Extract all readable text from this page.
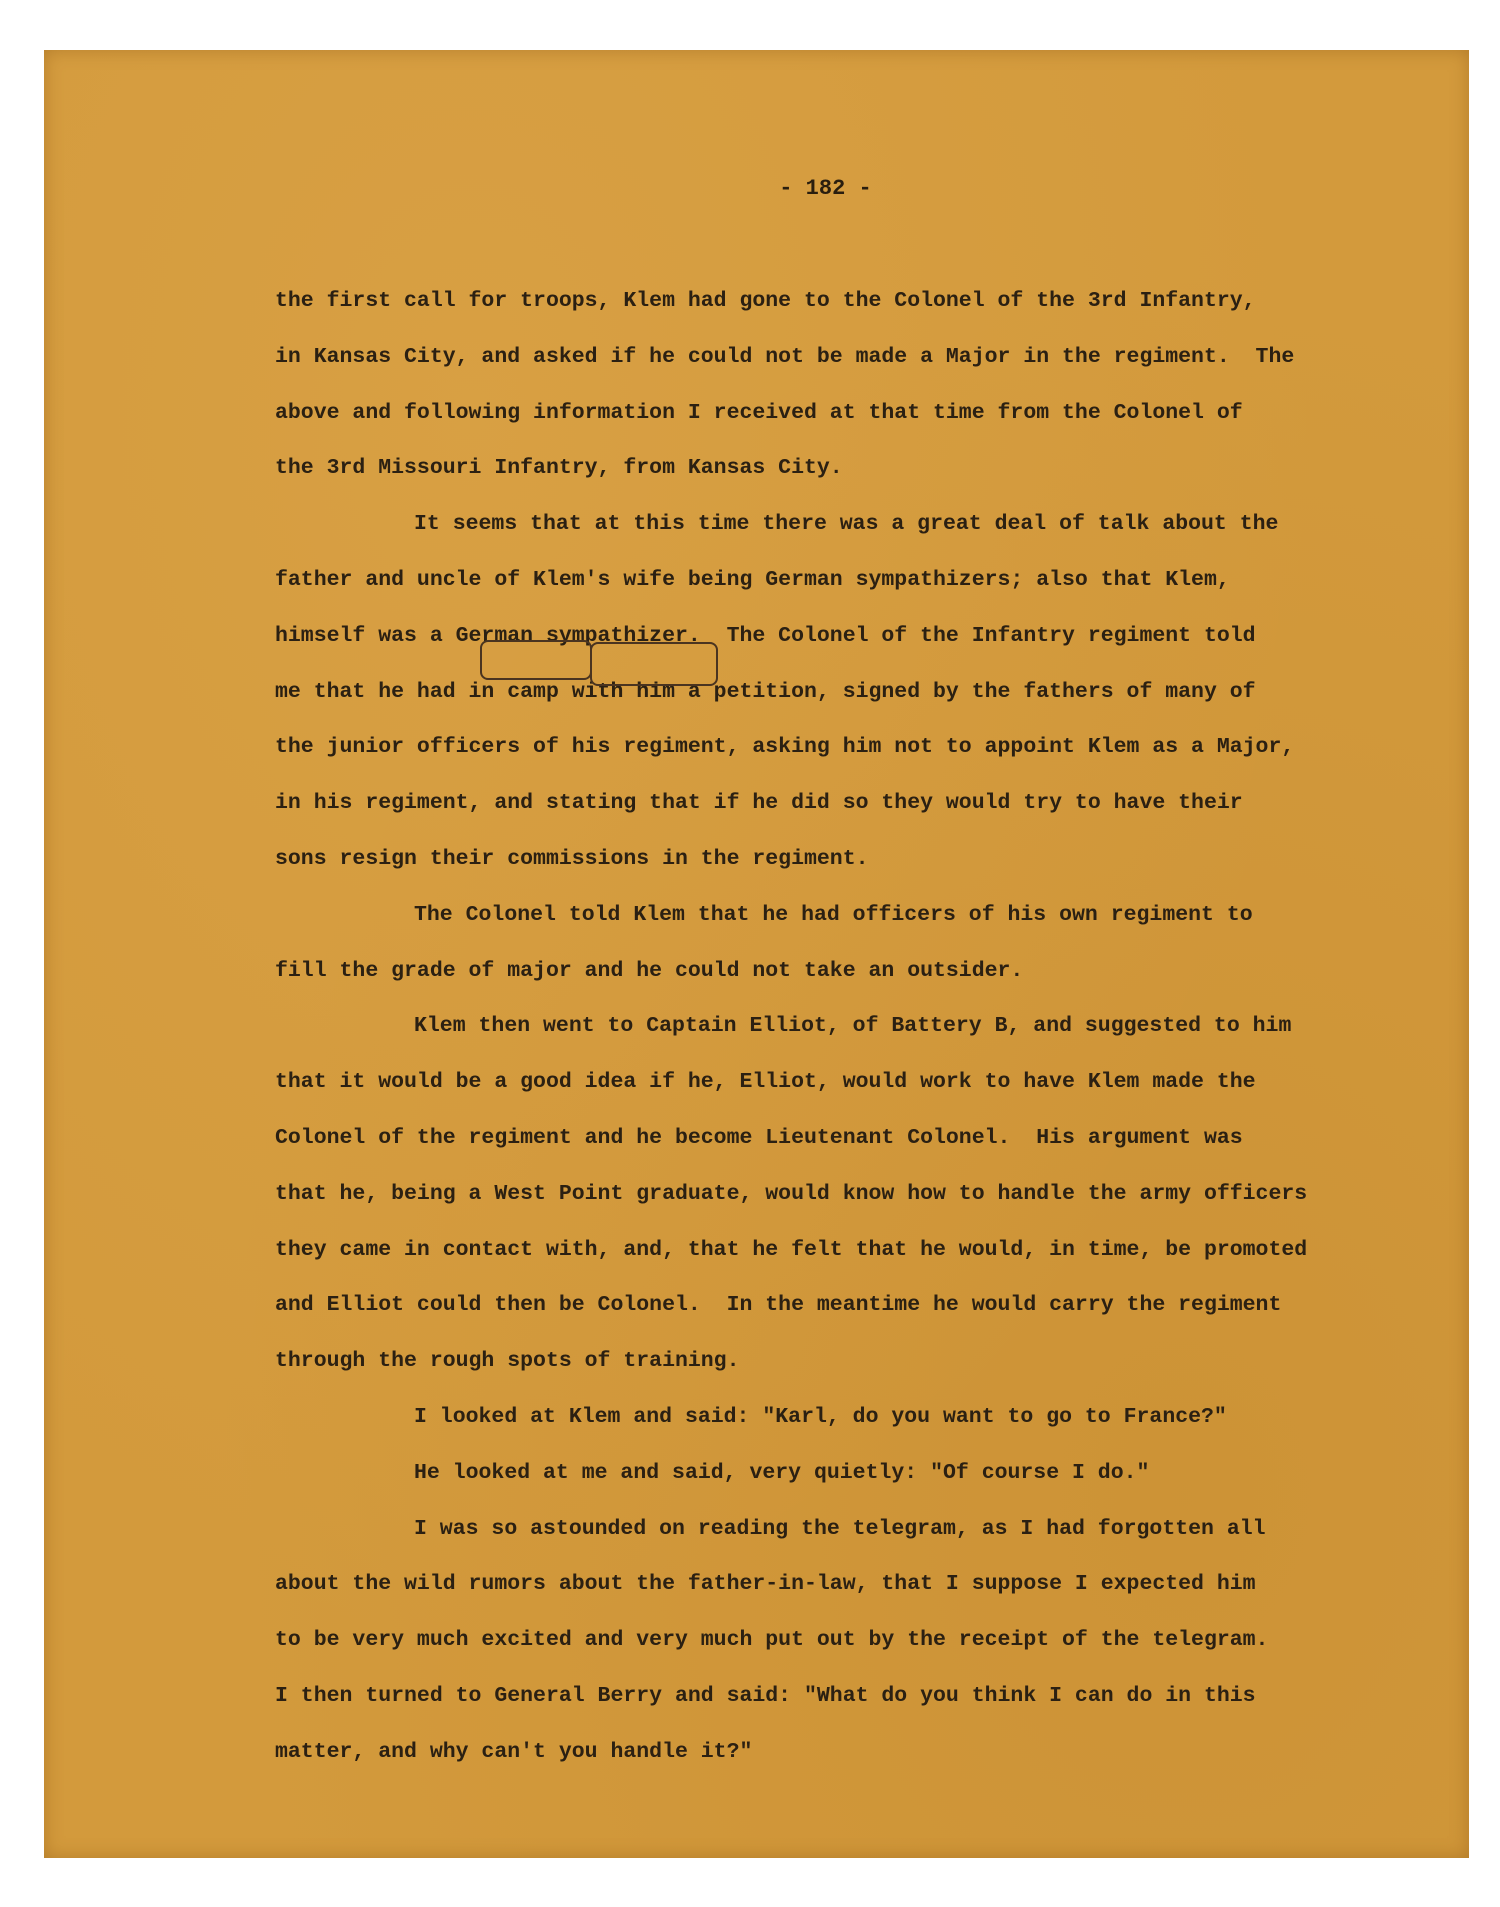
- 182 -
the first call for troops, Klem had gone to the Colonel of the 3rd Infantry,
in Kansas City, and asked if he could not be made a Major in the regiment.  The
above and following information I received at that time from the Colonel of
the 3rd Missouri Infantry, from Kansas City.
It seems that at this time there was a great deal of talk about the
father and uncle of Klem's wife being German sympathizers; also that Klem,
himself was a German sympathizer.  The Colonel of the Infantry regiment told
me that he had in camp with him a petition, signed by the fathers of many of
the junior officers of his regiment, asking him not to appoint Klem as a Major,
in his regiment, and stating that if he did so they would try to have their
sons resign their commissions in the regiment.
The Colonel told Klem that he had officers of his own regiment to
fill the grade of major and he could not take an outsider.
Klem then went to Captain Elliot, of Battery B, and suggested to him
that it would be a good idea if he, Elliot, would work to have Klem made the
Colonel of the regiment and he become Lieutenant Colonel.  His argument was
that he, being a West Point graduate, would know how to handle the army officers
they came in contact with, and, that he felt that he would, in time, be promoted
and Elliot could then be Colonel.  In the meantime he would carry the regiment
through the rough spots of training.
I looked at Klem and said: "Karl, do you want to go to France?"
He looked at me and said, very quietly: "Of course I do."
I was so astounded on reading the telegram, as I had forgotten all
about the wild rumors about the father-in-law, that I suppose I expected him
to be very much excited and very much put out by the receipt of the telegram.
I then turned to General Berry and said: "What do you think I can do in this
matter, and why can't you handle it?"
